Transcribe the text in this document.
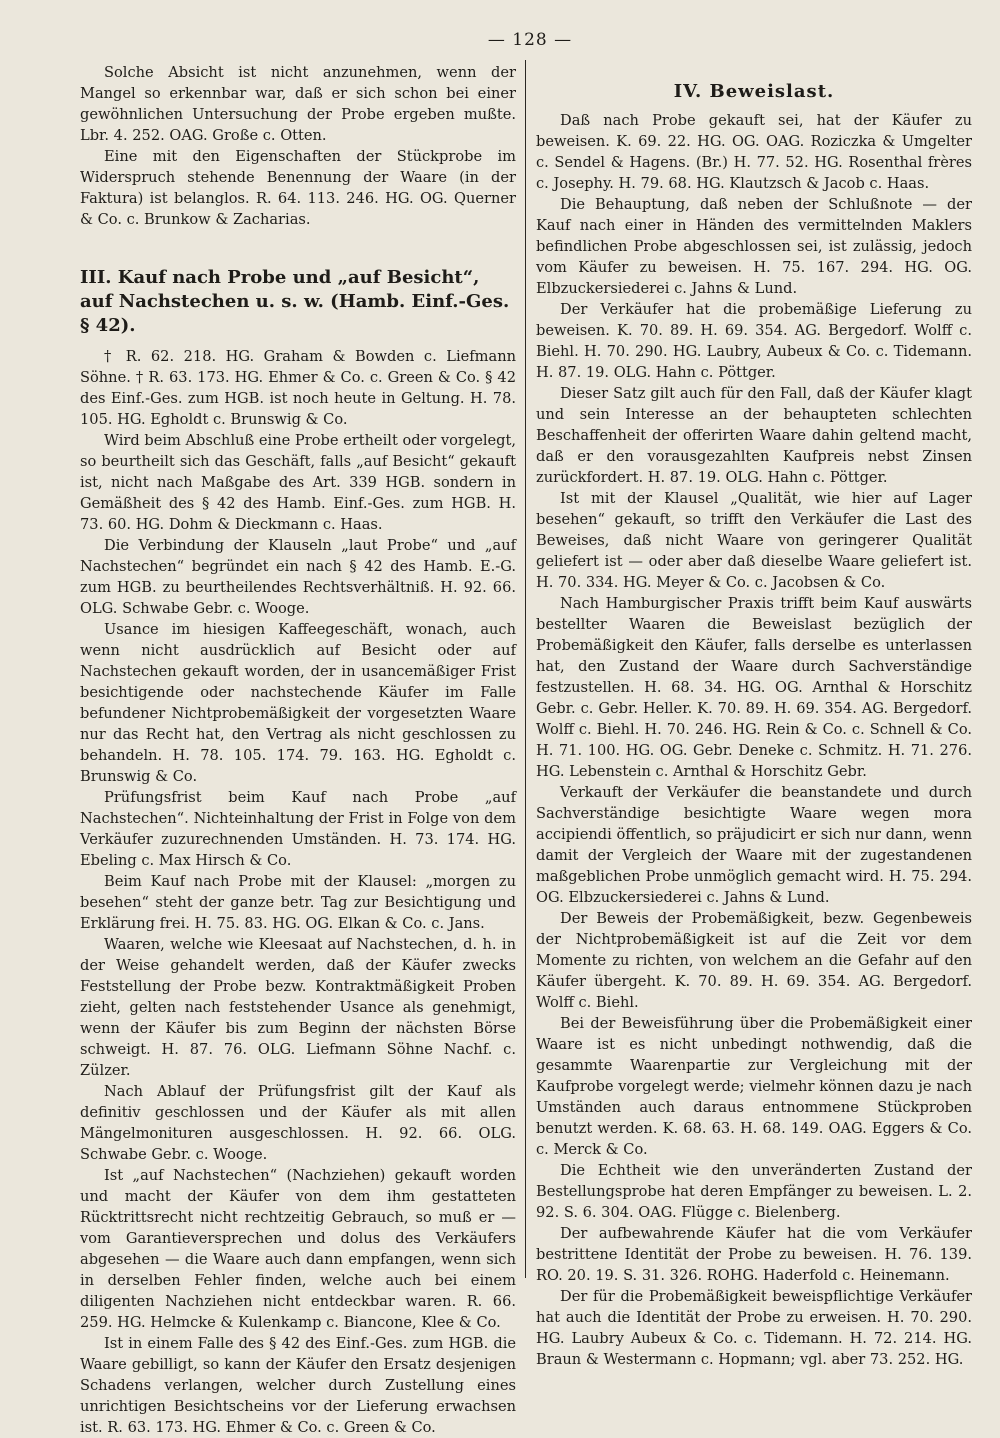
— 128 —

Solche Absicht ist nicht anzunehmen, wenn der Mangel so erkennbar war, daß er sich schon bei einer gewöhnlichen Untersuchung der Probe ergeben mußte. Lbr. 4. 252. OAG. Große c. Otten.

Eine mit den Eigenschaften der Stückprobe im Widerspruch stehende Benennung der Waare (in der Faktura) ist belanglos. R. 64. 113. 246. HG. OG. Querner & Co. c. Brunkow & Zacharias.

III. Kauf nach Probe und „auf Besicht“, auf Nachstechen u. s. w. (Hamb. Einf.-Ges. § 42).

† R. 62. 218. HG. Graham & Bowden c. Liefmann Söhne. † R. 63. 173. HG. Ehmer & Co. c. Green & Co. § 42 des Einf.-Ges. zum HGB. ist noch heute in Geltung. H. 78. 105. HG. Egholdt c. Brunswig & Co.

Wird beim Abschluß eine Probe ertheilt oder vorgelegt, so beurtheilt sich das Geschäft, falls „auf Besicht“ gekauft ist, nicht nach Maßgabe des Art. 339 HGB. sondern in Gemäßheit des § 42 des Hamb. Einf.-Ges. zum HGB. H. 73. 60. HG. Dohm & Dieckmann c. Haas.

Die Verbindung der Klauseln „laut Probe“ und „auf Nachstechen“ begründet ein nach § 42 des Hamb. E.-G. zum HGB. zu beurtheilendes Rechtsverhältniß. H. 92. 66. OLG. Schwabe Gebr. c. Wooge.

Usance im hiesigen Kaffeegeschäft, wonach, auch wenn nicht ausdrücklich auf Besicht oder auf Nachstechen gekauft worden, der in usancemäßiger Frist besichtigende oder nachstechende Käufer im Falle befundener Nichtprobemäßigkeit der vorgesetzten Waare nur das Recht hat, den Vertrag als nicht geschlossen zu behandeln. H. 78. 105. 174. 79. 163. HG. Egholdt c. Brunswig & Co.

Prüfungsfrist beim Kauf nach Probe „auf Nachstechen“. Nichteinhaltung der Frist in Folge von dem Verkäufer zuzurechnenden Umständen. H. 73. 174. HG. Ebeling c. Max Hirsch & Co.

Beim Kauf nach Probe mit der Klausel: „morgen zu besehen“ steht der ganze betr. Tag zur Besichtigung und Erklärung frei. H. 75. 83. HG. OG. Elkan & Co. c. Jans.

Waaren, welche wie Kleesaat auf Nachstechen, d. h. in der Weise gehandelt werden, daß der Käufer zwecks Feststellung der Probe bezw. Kontraktmäßigkeit Proben zieht, gelten nach feststehender Usance als genehmigt, wenn der Käufer bis zum Beginn der nächsten Börse schweigt. H. 87. 76. OLG. Liefmann Söhne Nachf. c. Zülzer.

Nach Ablauf der Prüfungsfrist gilt der Kauf als definitiv geschlossen und der Käufer als mit allen Mängelmonituren ausgeschlossen. H. 92. 66. OLG. Schwabe Gebr. c. Wooge.

Ist „auf Nachstechen“ (Nachziehen) gekauft worden und macht der Käufer von dem ihm gestatteten Rücktrittsrecht nicht rechtzeitig Gebrauch, so muß er — vom Garantieversprechen und dolus des Verkäufers abgesehen — die Waare auch dann empfangen, wenn sich in derselben Fehler finden, welche auch bei einem diligenten Nachziehen nicht entdeckbar waren. R. 66. 259. HG. Helmcke & Kulenkamp c. Biancone, Klee & Co.

Ist in einem Falle des § 42 des Einf.-Ges. zum HGB. die Waare gebilligt, so kann der Käufer den Ersatz desjenigen Schadens verlangen, welcher durch Zustellung eines unrichtigen Besichtscheins vor der Lieferung erwachsen ist. R. 63. 173. HG. Ehmer & Co. c. Green & Co.

IV. Beweislast.

Daß nach Probe gekauft sei, hat der Käufer zu beweisen. K. 69. 22. HG. OG. OAG. Roziczka & Umgelter c. Sendel & Hagens. (Br.) H. 77. 52. HG. Rosenthal frères c. Josephy. H. 79. 68. HG. Klautzsch & Jacob c. Haas.

Die Behauptung, daß neben der Schlußnote — der Kauf nach einer in Händen des vermittelnden Maklers befindlichen Probe abgeschlossen sei, ist zulässig, jedoch vom Käufer zu beweisen. H. 75. 167. 294. HG. OG. Elbzuckersiederei c. Jahns & Lund.

Der Verkäufer hat die probemäßige Lieferung zu beweisen. K. 70. 89. H. 69. 354. AG. Bergedorf. Wolff c. Biehl. H. 70. 290. HG. Laubry, Aubeux & Co. c. Tidemann. H. 87. 19. OLG. Hahn c. Pöttger.

Dieser Satz gilt auch für den Fall, daß der Käufer klagt und sein Interesse an der behaupteten schlechten Beschaffenheit der offerirten Waare dahin geltend macht, daß er den vorausgezahlten Kaufpreis nebst Zinsen zurückfordert. H. 87. 19. OLG. Hahn c. Pöttger.

Ist mit der Klausel „Qualität, wie hier auf Lager besehen“ gekauft, so trifft den Verkäufer die Last des Beweises, daß nicht Waare von geringerer Qualität geliefert ist — oder aber daß dieselbe Waare geliefert ist. H. 70. 334. HG. Meyer & Co. c. Jacobsen & Co.

Nach Hamburgischer Praxis trifft beim Kauf auswärts bestellter Waaren die Beweislast bezüglich der Probemäßigkeit den Käufer, falls derselbe es unterlassen hat, den Zustand der Waare durch Sachverständige festzustellen. H. 68. 34. HG. OG. Arnthal & Horschitz Gebr. c. Gebr. Heller. K. 70. 89. H. 69. 354. AG. Bergedorf. Wolff c. Biehl. H. 70. 246. HG. Rein & Co. c. Schnell & Co. H. 71. 100. HG. OG. Gebr. Deneke c. Schmitz. H. 71. 276. HG. Lebenstein c. Arnthal & Horschitz Gebr.

Verkauft der Verkäufer die beanstandete und durch Sachverständige besichtigte Waare wegen mora accipiendi öffentlich, so präjudicirt er sich nur dann, wenn damit der Vergleich der Waare mit der zugestandenen maßgeblichen Probe unmöglich gemacht wird. H. 75. 294. OG. Elbzuckersiederei c. Jahns & Lund.

Der Beweis der Probemäßigkeit, bezw. Gegenbeweis der Nichtprobemäßigkeit ist auf die Zeit vor dem Momente zu richten, von welchem an die Gefahr auf den Käufer übergeht. K. 70. 89. H. 69. 354. AG. Bergedorf. Wolff c. Biehl.

Bei der Beweisführung über die Probemäßigkeit einer Waare ist es nicht unbedingt nothwendig, daß die gesammte Waarenpartie zur Vergleichung mit der Kaufprobe vorgelegt werde; vielmehr können dazu je nach Umständen auch daraus entnommene Stückproben benutzt werden. K. 68. 63. H. 68. 149. OAG. Eggers & Co. c. Merck & Co.

Die Echtheit wie den unveränderten Zustand der Bestellungsprobe hat deren Empfänger zu beweisen. L. 2. 92. S. 6. 304. OAG. Flügge c. Bielenberg.

Der aufbewahrende Käufer hat die vom Verkäufer bestrittene Identität der Probe zu beweisen. H. 76. 139. RO. 20. 19. S. 31. 326. ROHG. Haderfold c. Heinemann.

Der für die Probemäßigkeit beweispflichtige Verkäufer hat auch die Identität der Probe zu erweisen. H. 70. 290. HG. Laubry Aubeux & Co. c. Tidemann. H. 72. 214. HG. Braun & Westermann c. Hopmann; vgl. aber 73. 252. HG.
